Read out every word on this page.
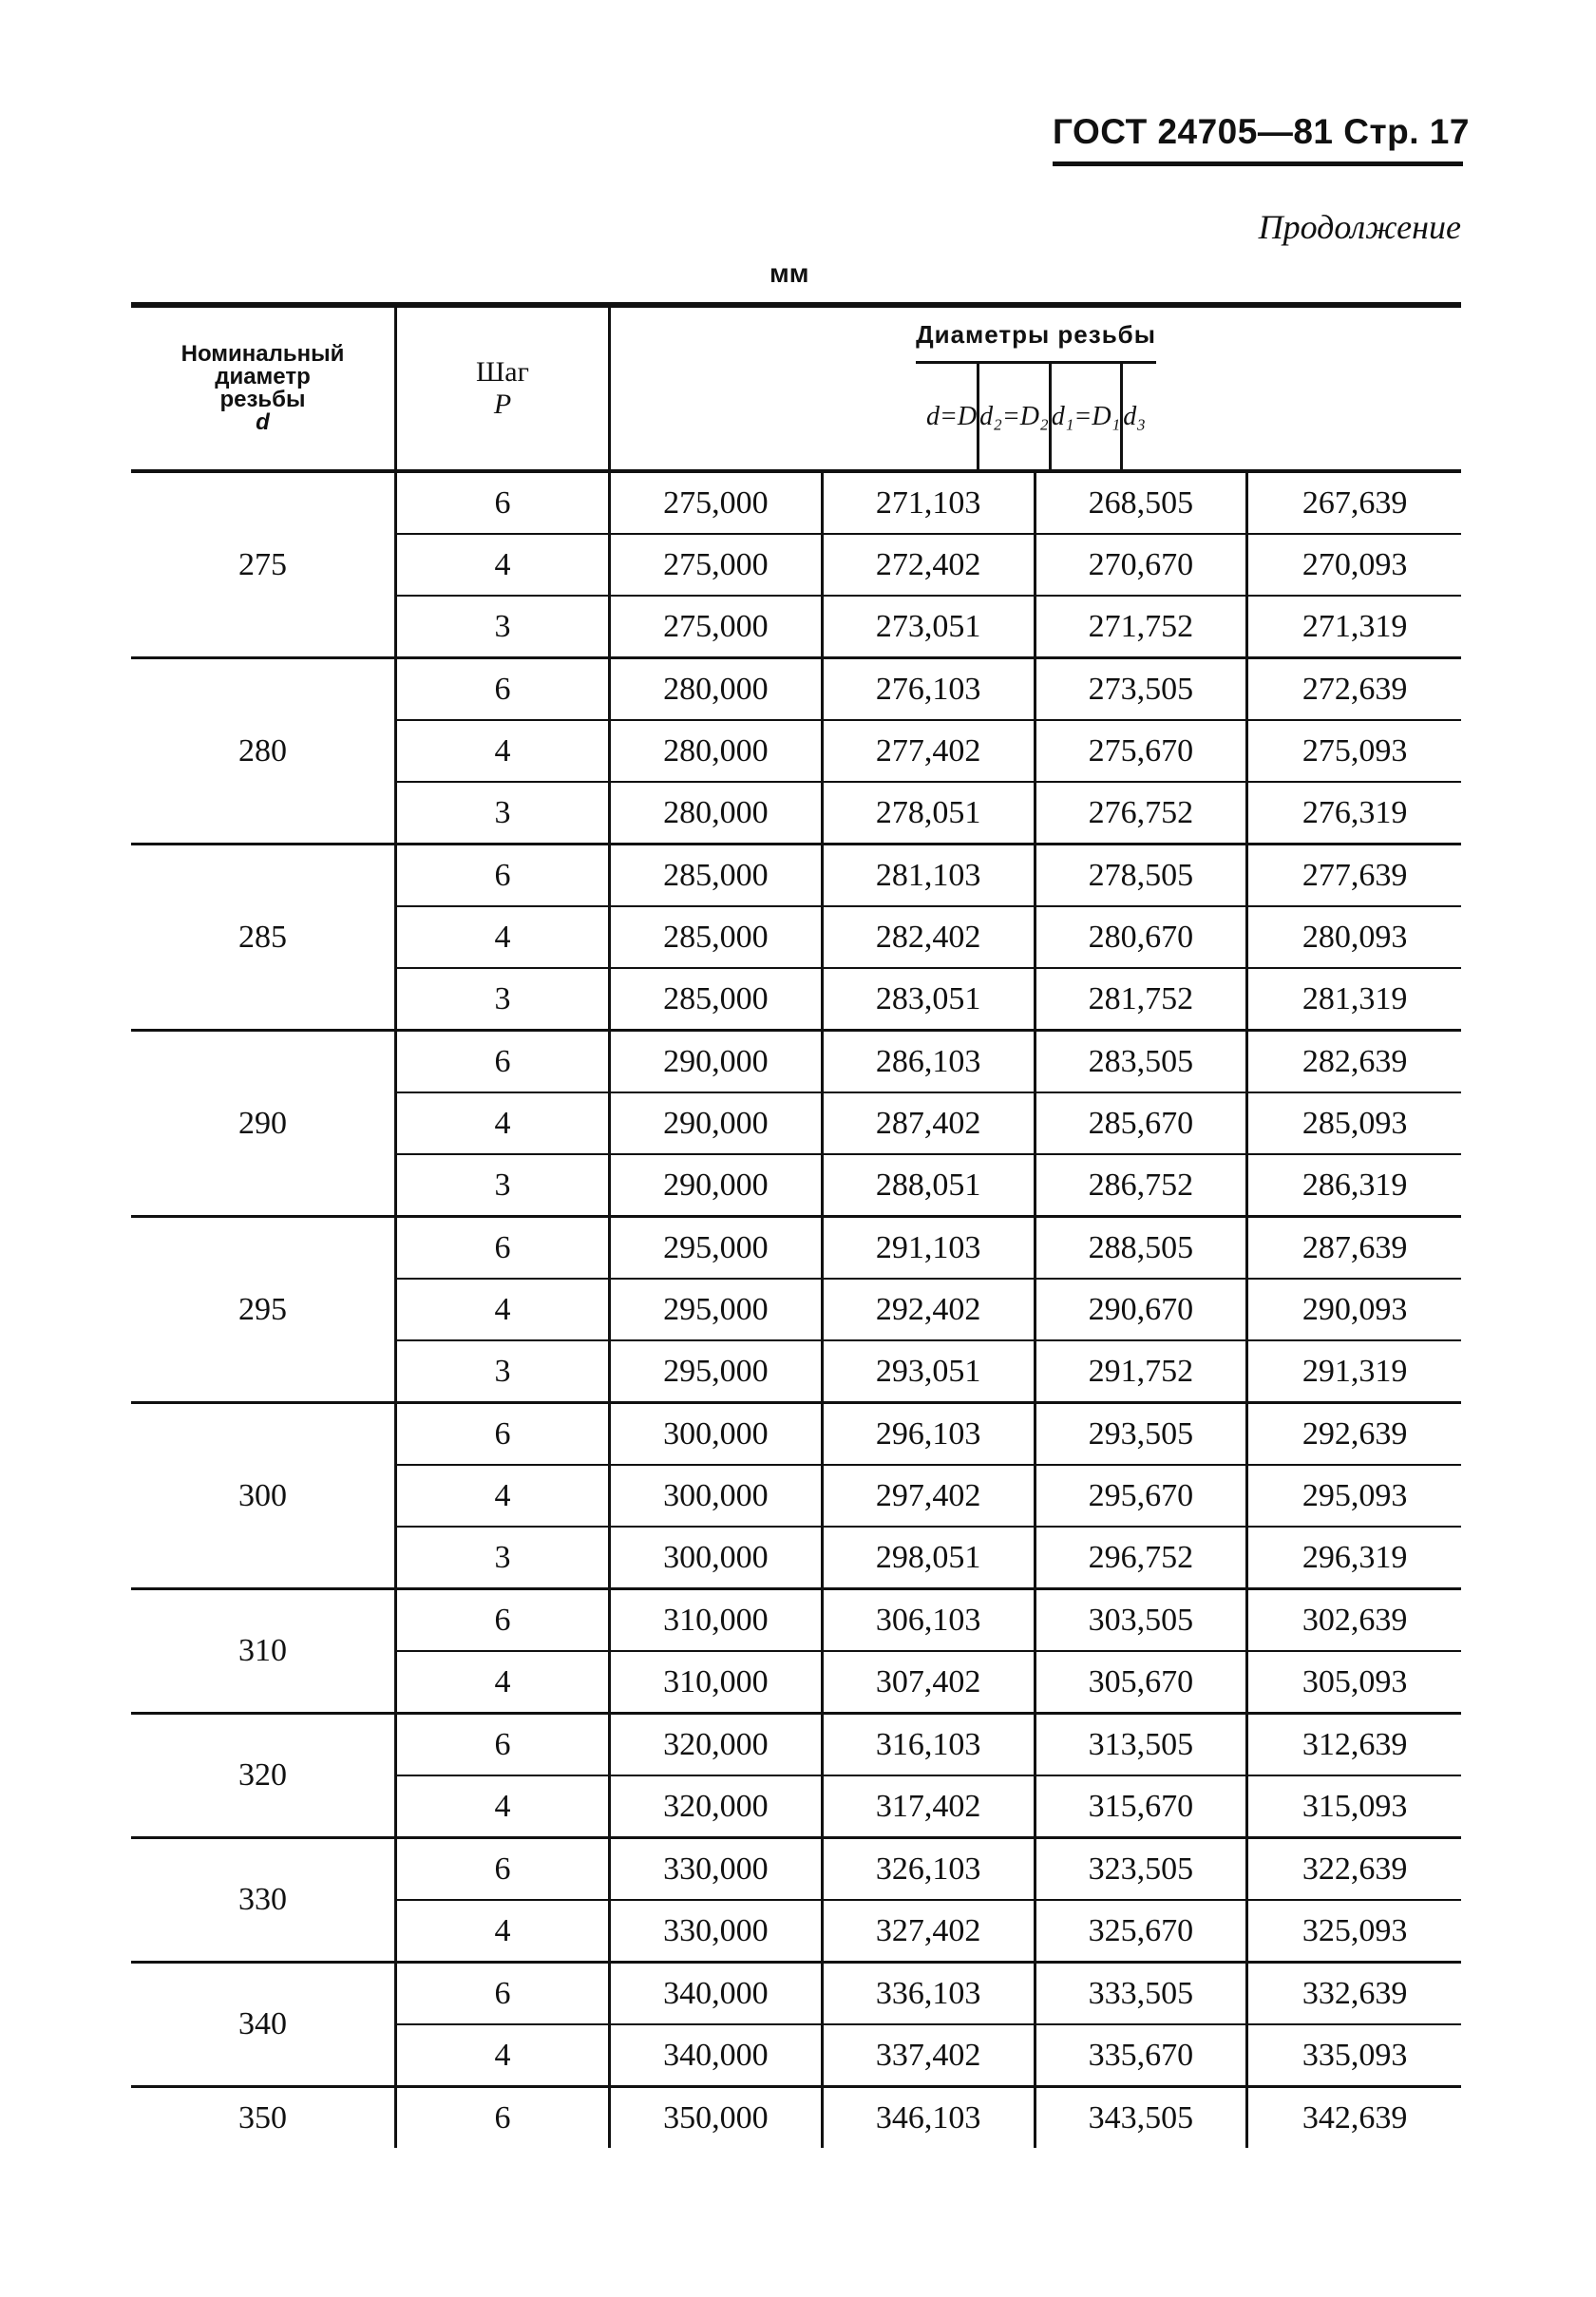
ГОСТ 24705—81 Стр. 17
Продолжение
мм
Номинальный
диаметр
резьбы
d
Шаг
P
Диаметры резьбы
d=D d₂=D₂ d₁=D₁ d₃
275
6	275,000	271,103	268,505	267,639
4	275,000	272,402	270,670	270,093
3	275,000	273,051	271,752	271,319
280
6	280,000	276,103	273,505	272,639
4	280,000	277,402	275,670	275,093
3	280,000	278,051	276,752	276,319
285
6	285,000	281,103	278,505	277,639
4	285,000	282,402	280,670	280,093
3	285,000	283,051	281,752	281,319
290
6	290,000	286,103	283,505	282,639
4	290,000	287,402	285,670	285,093
3	290,000	288,051	286,752	286,319
295
6	295,000	291,103	288,505	287,639
4	295,000	292,402	290,670	290,093
3	295,000	293,051	291,752	291,319
300
6	300,000	296,103	293,505	292,639
4	300,000	297,402	295,670	295,093
3	300,000	298,051	296,752	296,319
310
6	310,000	306,103	303,505	302,639
4	310,000	307,402	305,670	305,093
320
6	320,000	316,103	313,505	312,639
4	320,000	317,402	315,670	315,093
330
6	330,000	326,103	323,505	322,639
4	330,000	327,402	325,670	325,093
340
6	340,000	336,103	333,505	332,639
4	340,000	337,402	335,670	335,093
350	6	350,000	346,103	343,505	342,639
